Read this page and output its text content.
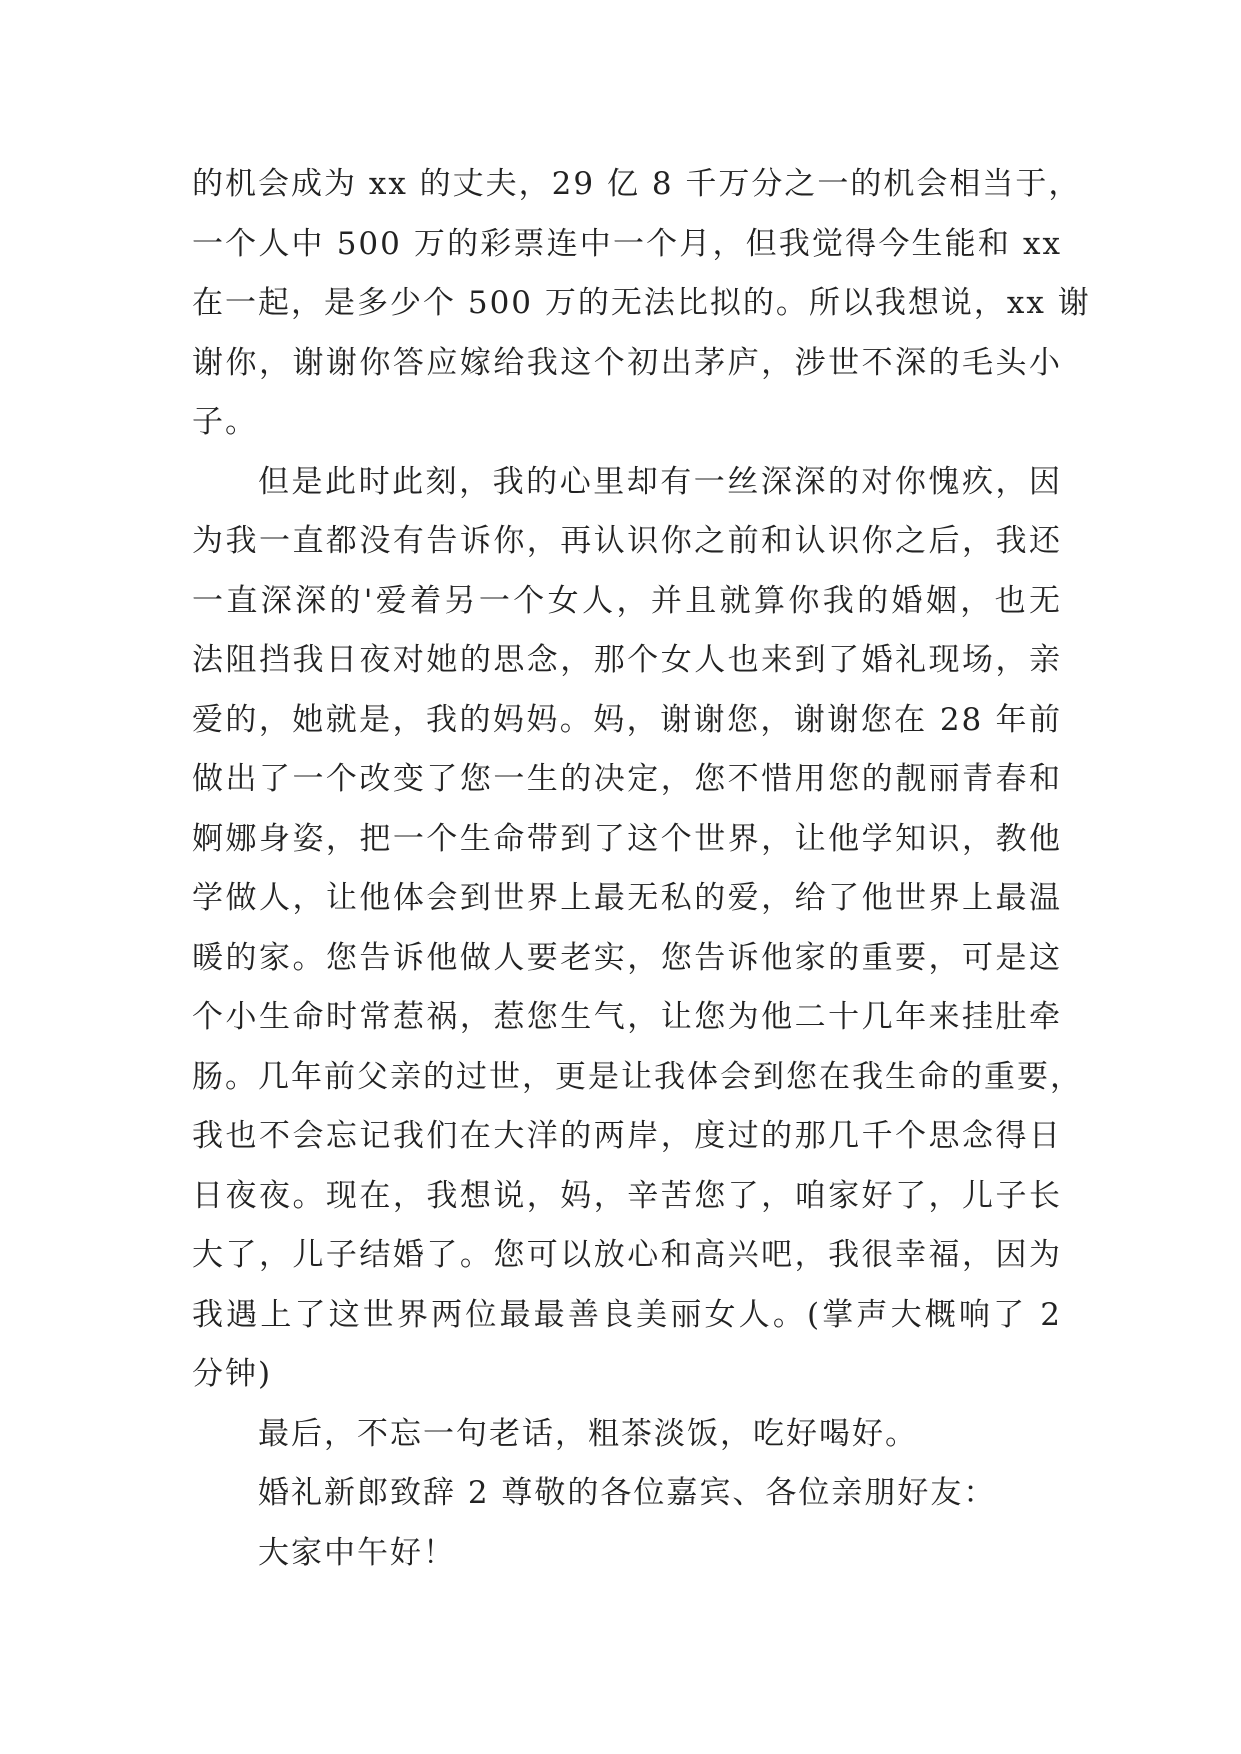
的机会成为 xx 的丈夫，29 亿 8 千万分之一的机会相当于，
一个人中 500 万的彩票连中一个月，但我觉得今生能和 xx
在一起，是多少个 500 万的无法比拟的。所以我想说，xx 谢
谢你，谢谢你答应嫁给我这个初出茅庐，涉世不深的毛头小
子。
但是此时此刻，我的心里却有一丝深深的对你愧疚，因
为我一直都没有告诉你，再认识你之前和认识你之后，我还
一直深深的'爱着另一个女人，并且就算你我的婚姻，也无
法阻挡我日夜对她的思念，那个女人也来到了婚礼现场，亲
爱的，她就是，我的妈妈。妈，谢谢您，谢谢您在 28 年前
做出了一个改变了您一生的决定，您不惜用您的靓丽青春和
婀娜身姿，把一个生命带到了这个世界，让他学知识，教他
学做人，让他体会到世界上最无私的爱，给了他世界上最温
暖的家。您告诉他做人要老实，您告诉他家的重要，可是这
个小生命时常惹祸，惹您生气，让您为他二十几年来挂肚牵
肠。几年前父亲的过世，更是让我体会到您在我生命的重要，
我也不会忘记我们在大洋的两岸，度过的那几千个思念得日
日夜夜。现在，我想说，妈，辛苦您了，咱家好了，儿子长
大了，儿子结婚了。您可以放心和高兴吧，我很幸福，因为
我遇上了这世界两位最最善良美丽女人。(掌声大概响了 2
分钟)
最后，不忘一句老话，粗茶淡饭，吃好喝好。
婚礼新郎致辞 2 尊敬的各位嘉宾、各位亲朋好友：
大家中午好！
